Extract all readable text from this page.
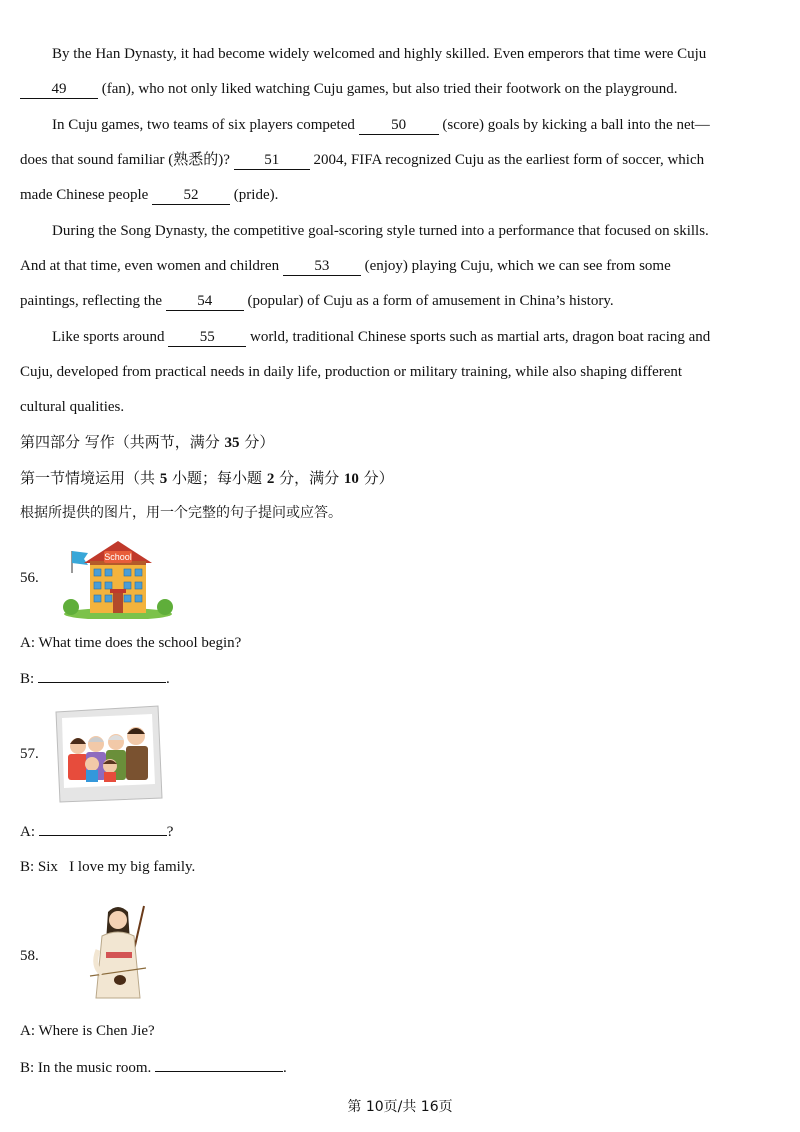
By the Han Dynasty, it had become widely welcomed and highly skilled. Even emperors that time were Cuju
49 (fan), who not only liked watching Cuju games, but also tried their footwork on the playground.
In Cuju games, two teams of six players competed 50 (score) goals by kicking a ball into the net—
does that sound familiar (熟悉的)? 51 2004, FIFA recognized Cuju as the earliest form of soccer, which
made Chinese people 52 (pride).
During the Song Dynasty, the competitive goal-scoring style turned into a performance that focused on skills.
And at that time, even women and children 53 (enjoy) playing Cuju, which we can see from some
paintings, reflecting the 54 (popular) of Cuju as a form of amusement in China’s history.
Like sports around 55 world, traditional Chinese sports such as martial arts, dragon boat racing and
Cuju, developed from practical needs in daily life, production or military training, while also shaping different
cultural qualities.
第四部分 写作（共两节，满分 35 分）
第一节情境运用（共 5 小题；每小题 2 分，满分 10 分）
根据所提供的图片，用一个完整的句子提问或应答。
56.
School
A: What time does the school begin?
B:	.
57.
A:	?
B: Six   I love my big family.
58.
A: Where is Chen Jie?
B: In the music room.	.
第 10页/共 16页
